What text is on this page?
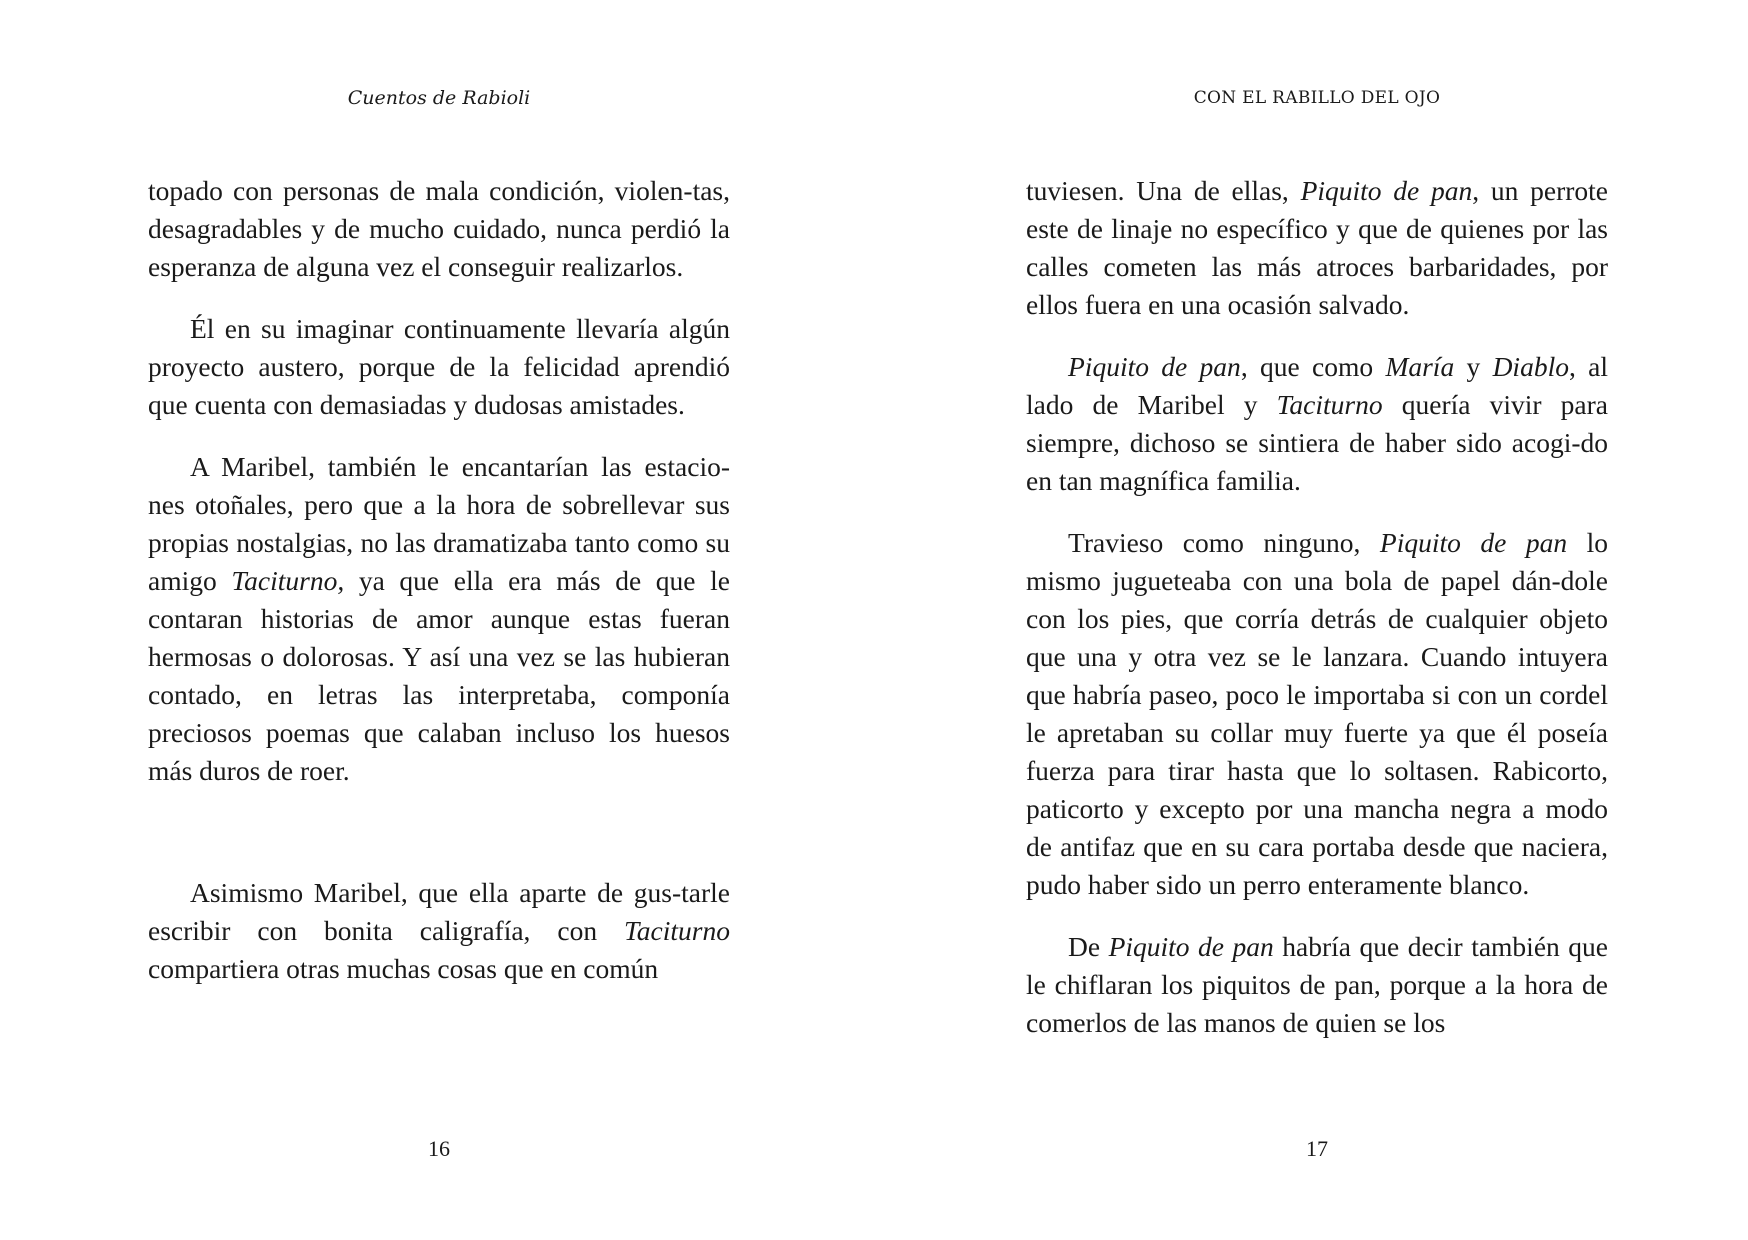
Cuentos de Rabioli

topado con personas de mala condición, violen-tas, desagradables y de mucho cuidado, nunca perdió la esperanza de alguna vez el conseguir realizarlos.

Él en su imaginar continuamente llevaría algún proyecto austero, porque de la felicidad aprendió que cuenta con demasiadas y dudosas amistades.

A Maribel, también le encantarían las estacio-nes otoñales, pero que a la hora de sobrellevar sus propias nostalgias, no las dramatizaba tanto como su amigo Taciturno, ya que ella era más de que le contaran historias de amor aunque estas fueran hermosas o dolorosas. Y así una vez se las hubieran contado, en letras las interpretaba, componía preciosos poemas que calaban incluso los huesos más duros de roer.

Asimismo Maribel, que ella aparte de gus-tarle escribir con bonita caligrafía, con Taciturno compartiera otras muchas cosas que en común

16
CON EL RABILLO DEL OJO

tuviesen. Una de ellas, Piquito de pan, un perrote este de linaje no específico y que de quienes por las calles cometen las más atroces barbaridades, por ellos fuera en una ocasión salvado.

Piquito de pan, que como María y Diablo, al lado de Maribel y Taciturno quería vivir para siempre, dichoso se sintiera de haber sido acogi-do en tan magnífica familia.

Travieso como ninguno, Piquito de pan lo mismo jugueteaba con una bola de papel dán-dole con los pies, que corría detrás de cualquier objeto que una y otra vez se le lanzara. Cuando intuyera que habría paseo, poco le importaba si con un cordel le apretaban su collar muy fuerte ya que él poseía fuerza para tirar hasta que lo soltasen. Rabicorto, paticorto y excepto por una mancha negra a modo de antifaz que en su cara portaba desde que naciera, pudo haber sido un perro enteramente blanco.

De Piquito de pan habría que decir también que le chiflaran los piquitos de pan, porque a la hora de comerlos de las manos de quien se los

17
